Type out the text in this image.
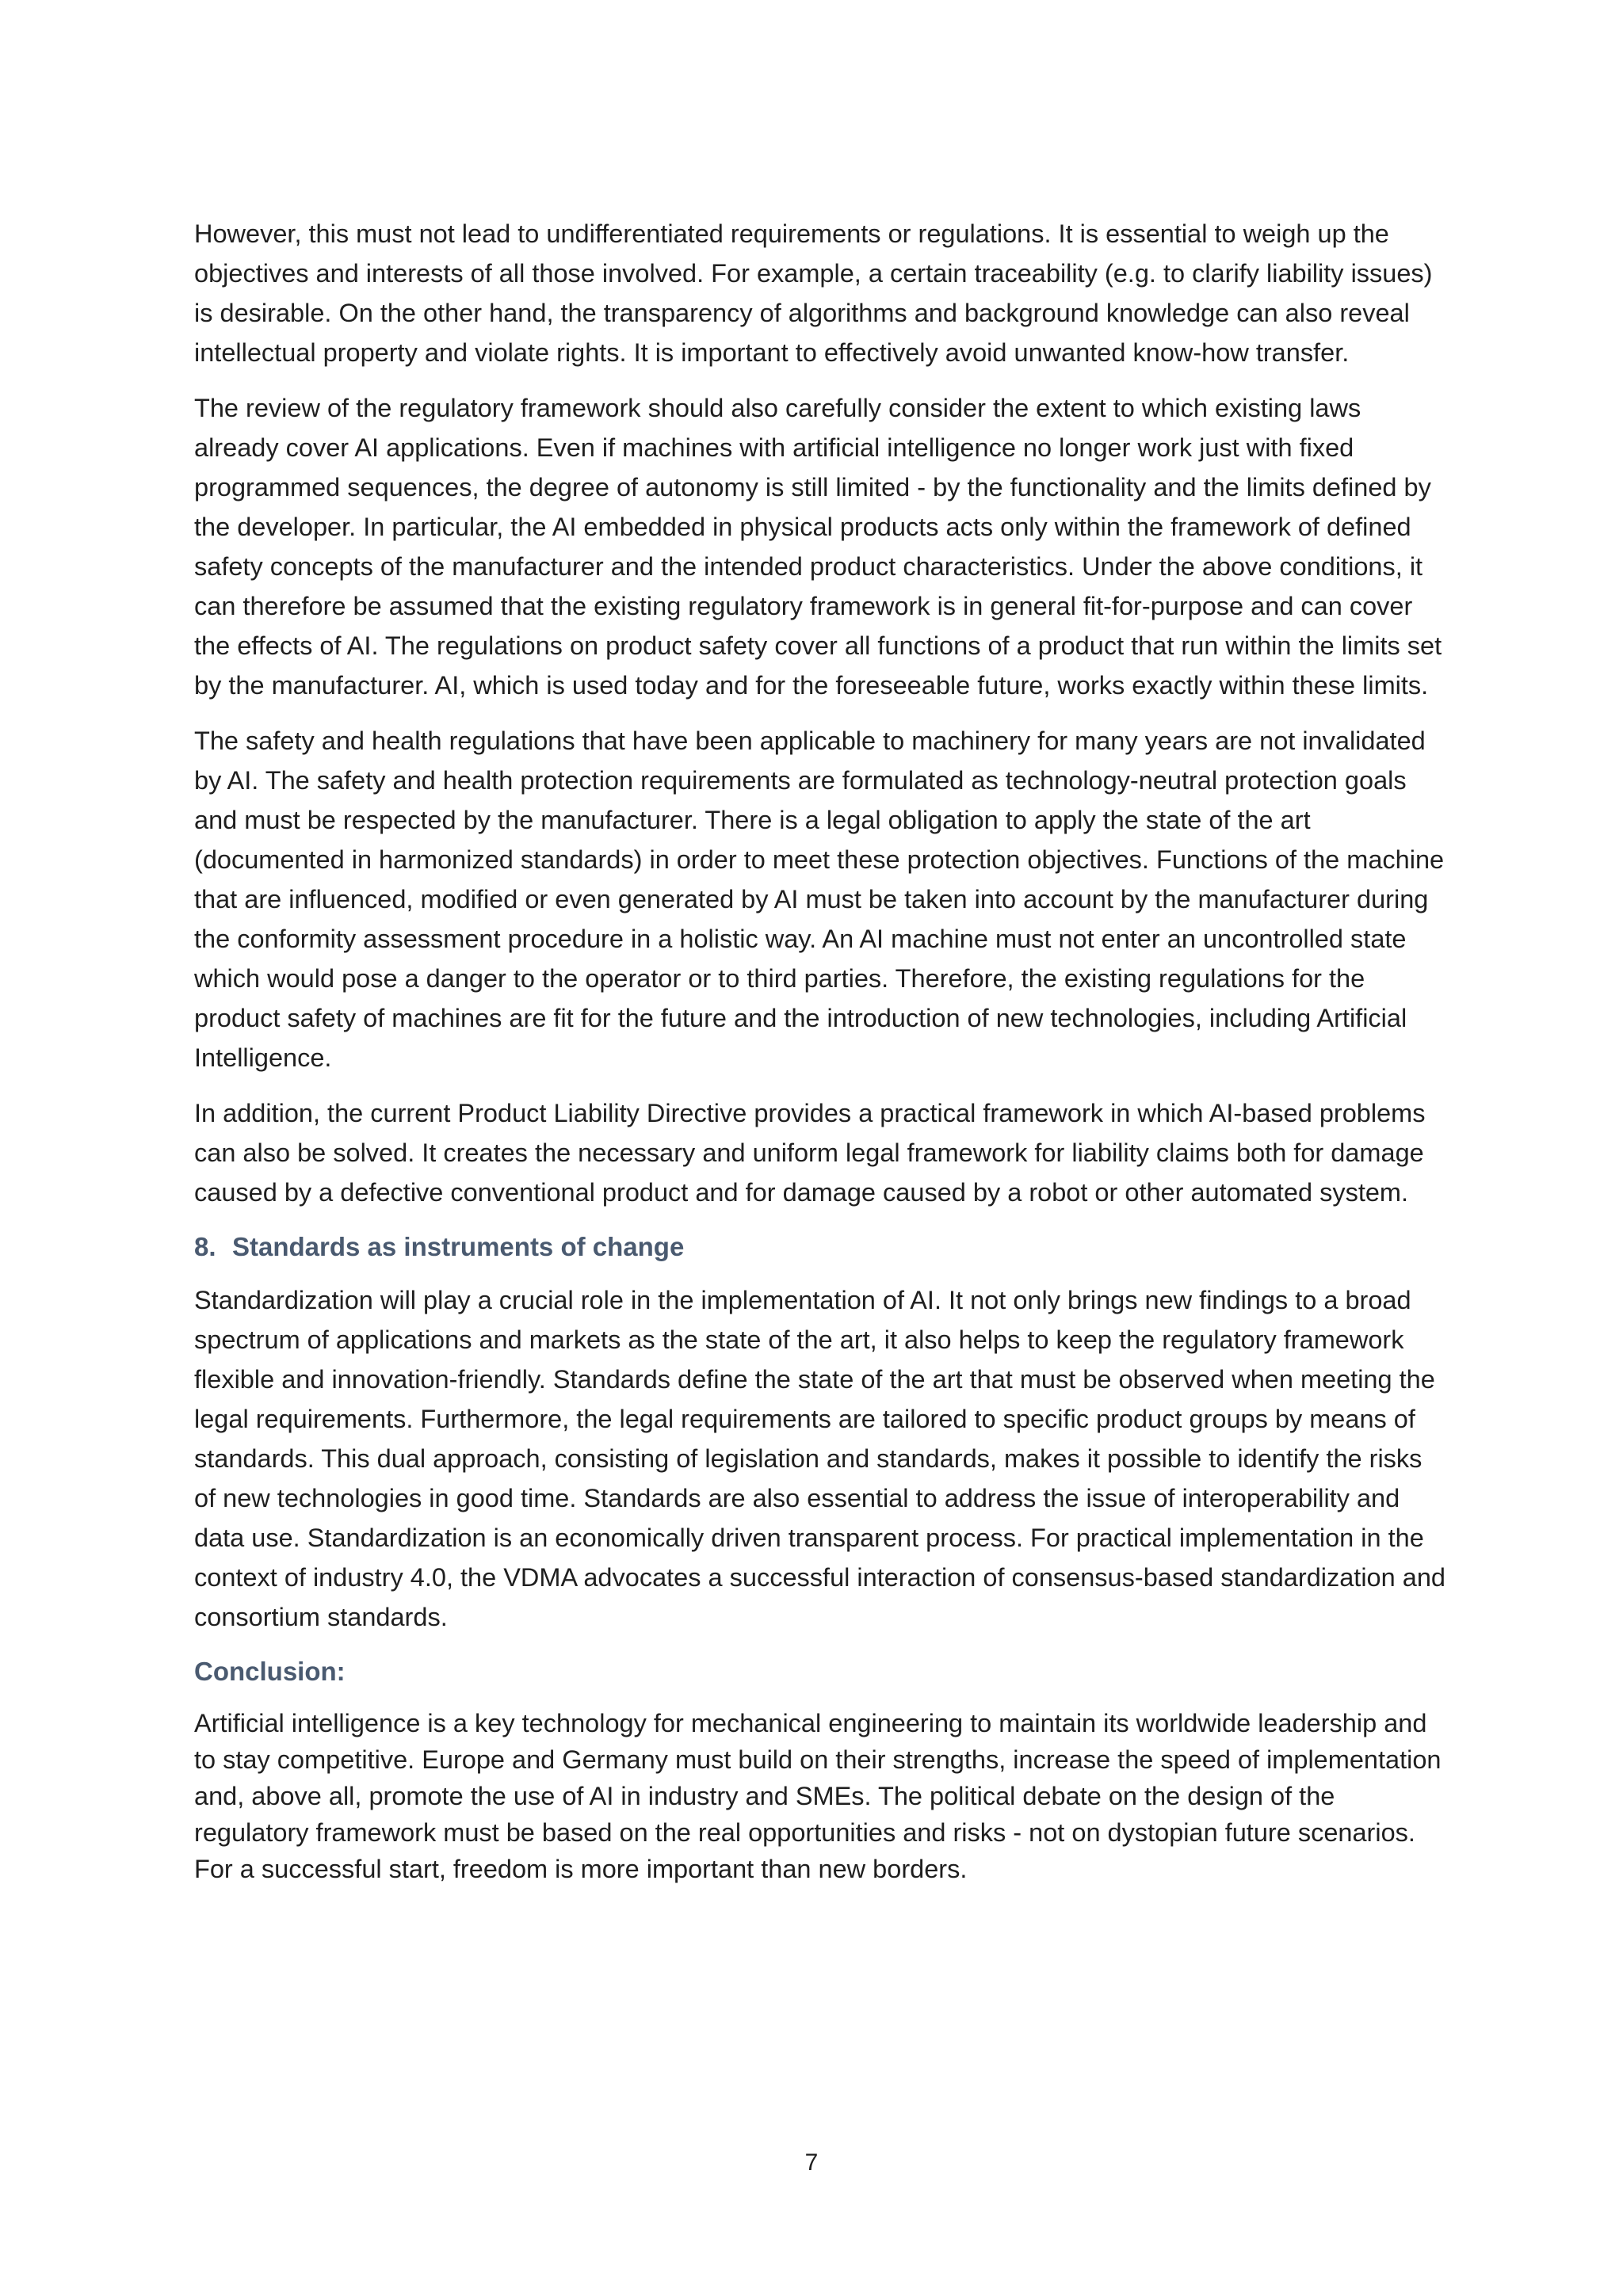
However, this must not lead to undifferentiated requirements or regulations. It is essential to weigh up the objectives and interests of all those involved. For example, a certain traceability (e.g. to clarify liability issues) is desirable. On the other hand, the transparency of algorithms and background knowledge can also reveal intellectual property and violate rights. It is important to effectively avoid unwanted know-how transfer.

The review of the regulatory framework should also carefully consider the extent to which existing laws already cover AI applications. Even if machines with artificial intelligence no longer work just with fixed programmed sequences, the degree of autonomy is still limited - by the functionality and the limits defined by the developer. In particular, the AI embedded in physical products acts only within the framework of defined safety concepts of the manufacturer and the intended product characteristics. Under the above conditions, it can therefore be assumed that the existing regulatory framework is in general fit-for-purpose and can cover the effects of AI. The regulations on product safety cover all functions of a product that run within the limits set by the manufacturer. AI, which is used today and for the foreseeable future, works exactly within these limits.

The safety and health regulations that have been applicable to machinery for many years are not invalidated by AI. The safety and health protection requirements are formulated as technology-neutral protection goals and must be respected by the manufacturer. There is a legal obligation to apply the state of the art (documented in harmonized standards) in order to meet these protection objectives. Functions of the machine that are influenced, modified or even generated by AI must be taken into account by the manufacturer during the conformity assessment procedure in a holistic way. An AI machine must not enter an uncontrolled state which would pose a danger to the operator or to third parties. Therefore, the existing regulations for the product safety of machines are fit for the future and the introduction of new technologies, including Artificial Intelligence.

In addition, the current Product Liability Directive provides a practical framework in which AI-based problems can also be solved. It creates the necessary and uniform legal framework for liability claims both for damage caused by a defective conventional product and for damage caused by a robot or other automated system.

8. Standards as instruments of change

Standardization will play a crucial role in the implementation of AI. It not only brings new findings to a broad spectrum of applications and markets as the state of the art, it also helps to keep the regulatory framework flexible and innovation-friendly. Standards define the state of the art that must be observed when meeting the legal requirements. Furthermore, the legal requirements are tailored to specific product groups by means of standards. This dual approach, consisting of legislation and standards, makes it possible to identify the risks of new technologies in good time. Standards are also essential to address the issue of interoperability and data use. Standardization is an economically driven transparent process. For practical implementation in the context of industry 4.0, the VDMA advocates a successful interaction of consensus-based standardization and consortium standards.

Conclusion:

Artificial intelligence is a key technology for mechanical engineering to maintain its worldwide leadership and to stay competitive. Europe and Germany must build on their strengths, increase the speed of implementation and, above all, promote the use of AI in industry and SMEs. The political debate on the design of the regulatory framework must be based on the real opportunities and risks - not on dystopian future scenarios. For a successful start, freedom is more important than new borders.

7
